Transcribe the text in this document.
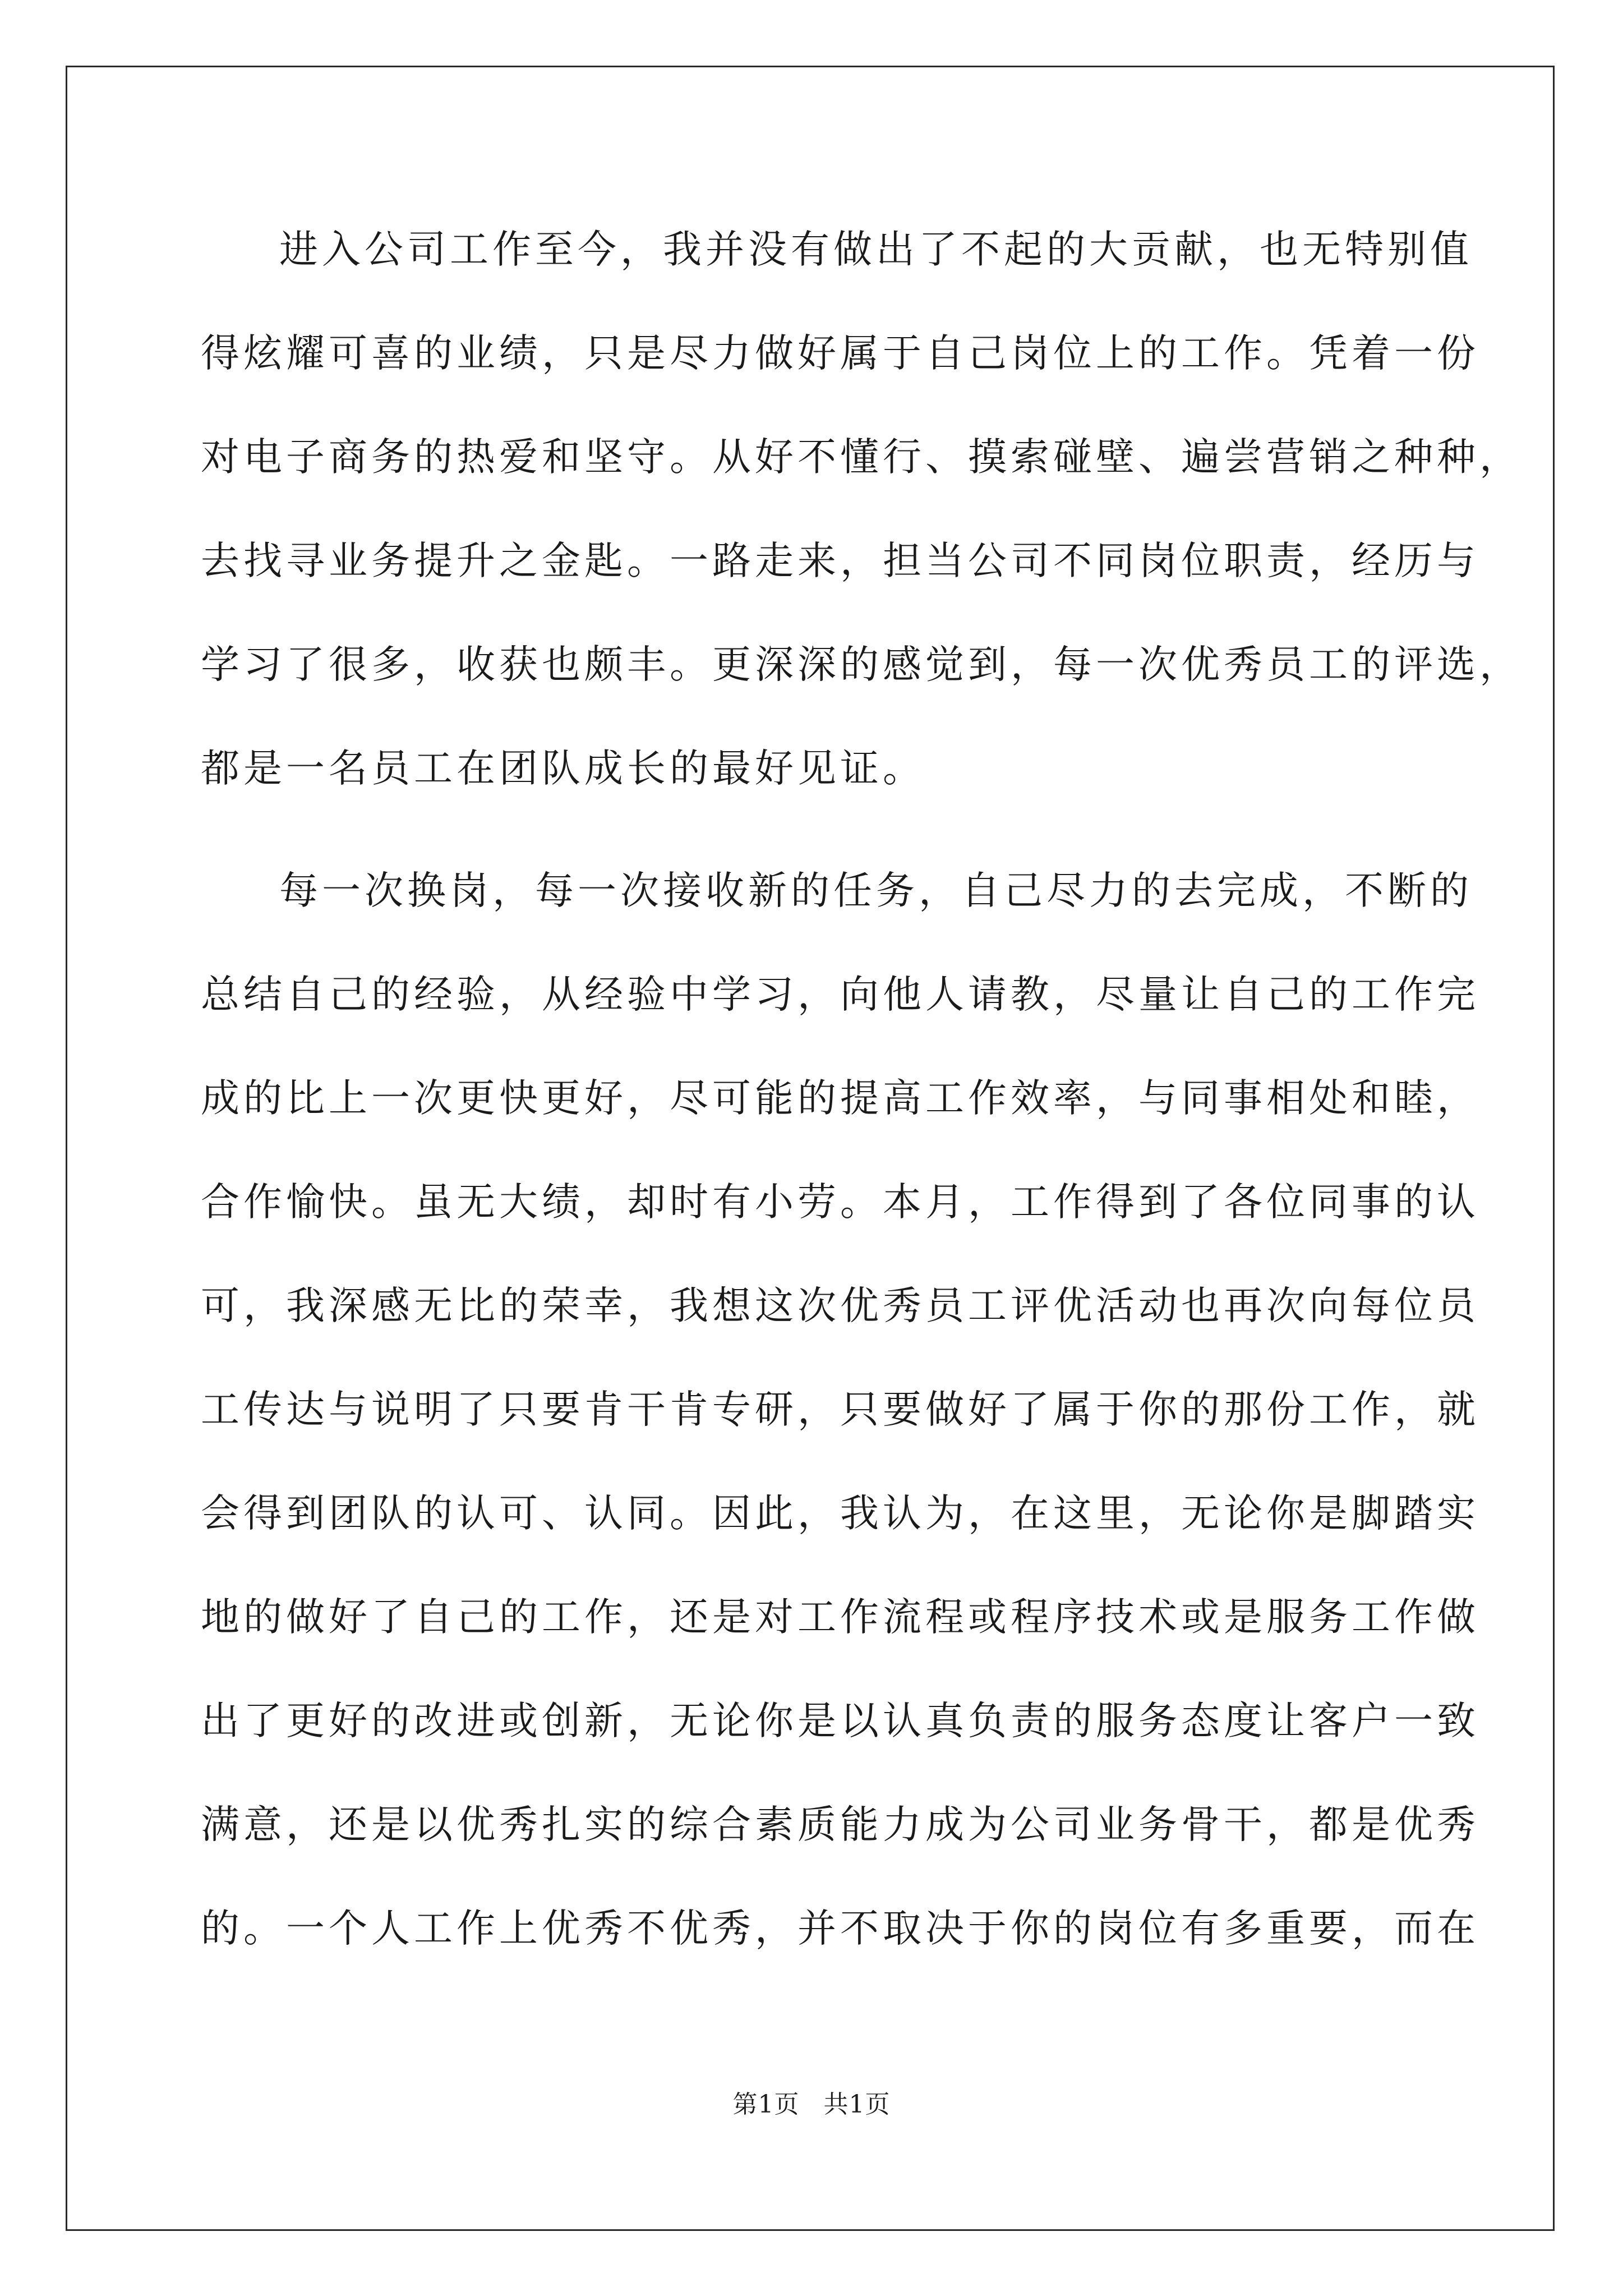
进入公司工作至今，我并没有做出了不起的大贡献，也无特别值
得炫耀可喜的业绩，只是尽力做好属于自己岗位上的工作。凭着一份
对电子商务的热爱和坚守。从好不懂行、摸索碰壁、遍尝营销之种种，
去找寻业务提升之金匙。一路走来，担当公司不同岗位职责，经历与
学习了很多，收获也颇丰。更深深的感觉到，每一次优秀员工的评选，
都是一名员工在团队成长的最好见证。
每一次换岗，每一次接收新的任务，自己尽力的去完成，不断的
总结自己的经验，从经验中学习，向他人请教，尽量让自己的工作完
成的比上一次更快更好，尽可能的提高工作效率，与同事相处和睦，
合作愉快。虽无大绩，却时有小劳。本月，工作得到了各位同事的认
可，我深感无比的荣幸，我想这次优秀员工评优活动也再次向每位员
工传达与说明了只要肯干肯专研，只要做好了属于你的那份工作，就
会得到团队的认可、认同。因此，我认为，在这里，无论你是脚踏实
地的做好了自己的工作，还是对工作流程或程序技术或是服务工作做
出了更好的改进或创新，无论你是以认真负责的服务态度让客户一致
满意，还是以优秀扎实的综合素质能力成为公司业务骨干，都是优秀
的。一个人工作上优秀不优秀，并不取决于你的岗位有多重要，而在
第1页 共1页
